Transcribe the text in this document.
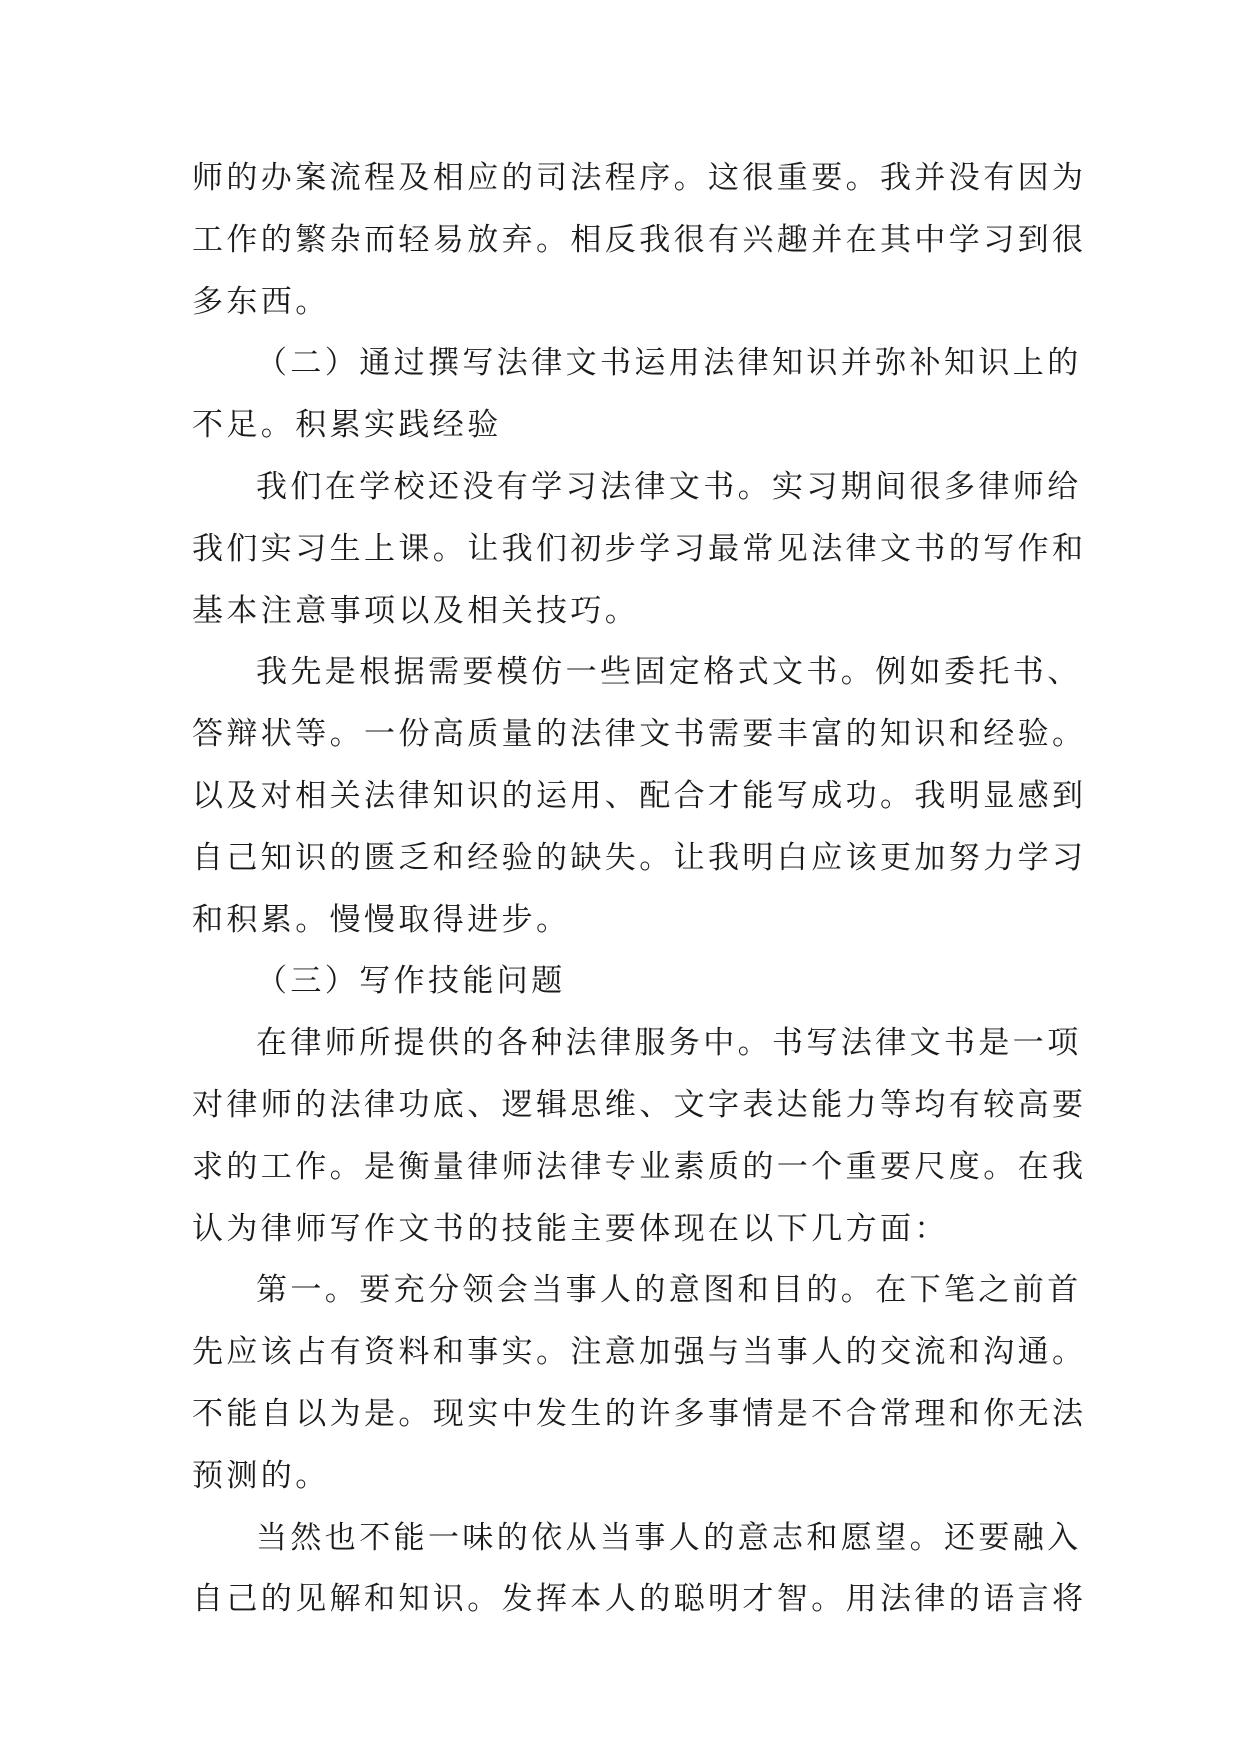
师的办案流程及相应的司法程序。这很重要。我并没有因为
工作的繁杂而轻易放弃。相反我很有兴趣并在其中学习到很
多东西。
（二）通过撰写法律文书运用法律知识并弥补知识上的
不足。积累实践经验
我们在学校还没有学习法律文书。实习期间很多律师给
我们实习生上课。让我们初步学习最常见法律文书的写作和
基本注意事项以及相关技巧。
我先是根据需要模仿一些固定格式文书。例如委托书、
答辩状等。一份高质量的法律文书需要丰富的知识和经验。
以及对相关法律知识的运用、配合才能写成功。我明显感到
自己知识的匮乏和经验的缺失。让我明白应该更加努力学习
和积累。慢慢取得进步。
（三）写作技能问题
在律师所提供的各种法律服务中。书写法律文书是一项
对律师的法律功底、逻辑思维、文字表达能力等均有较高要
求的工作。是衡量律师法律专业素质的一个重要尺度。在我
认为律师写作文书的技能主要体现在以下几方面：
第一。要充分领会当事人的意图和目的。在下笔之前首
先应该占有资料和事实。注意加强与当事人的交流和沟通。
不能自以为是。现实中发生的许多事情是不合常理和你无法
预测的。
当然也不能一味的依从当事人的意志和愿望。还要融入
自己的见解和知识。发挥本人的聪明才智。用法律的语言将
